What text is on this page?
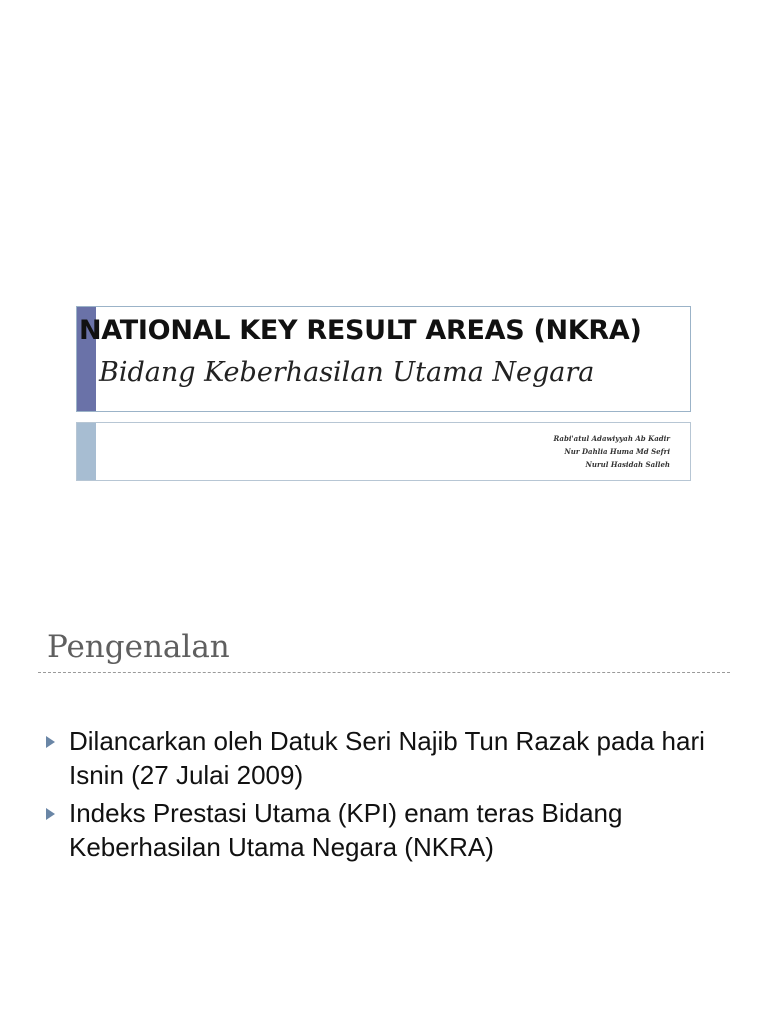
NATIONAL KEY RESULT AREAS (NKRA)
Bidang Keberhasilan Utama Negara
Rabi'atul Adawiyyah Ab Kadir
Nur Dahlia Huma Md Sefri
Nurul Hasidah Salleh
Pengenalan
Dilancarkan oleh Datuk Seri Najib Tun Razak pada hari Isnin (27 Julai 2009)
Indeks Prestasi Utama (KPI) enam teras Bidang Keberhasilan Utama Negara (NKRA)
